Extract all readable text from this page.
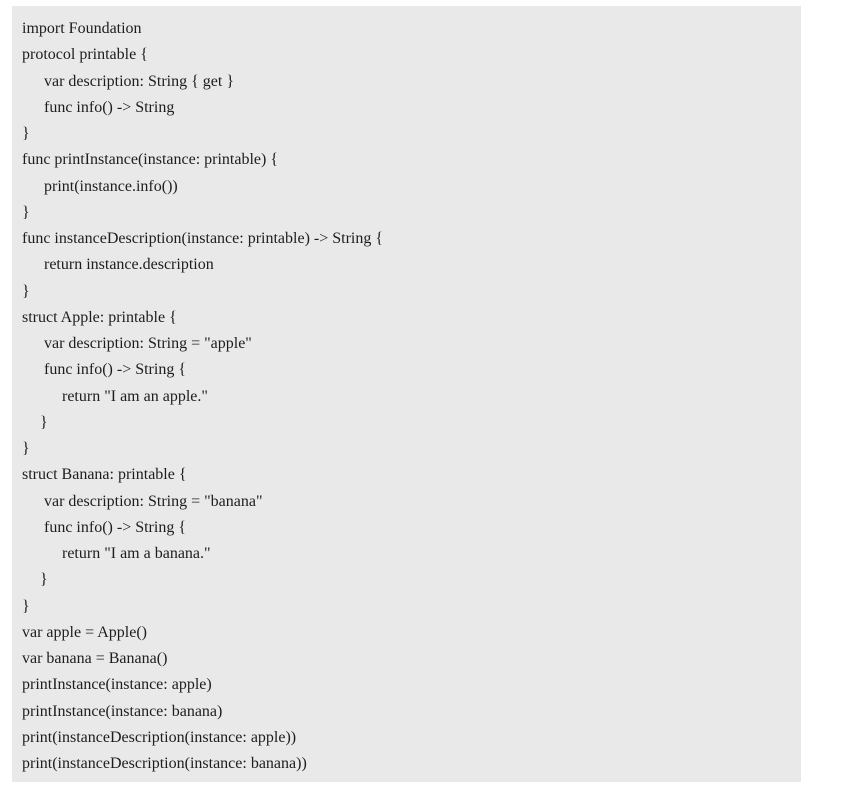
import Foundation
protocol printable {
var description: String { get }
func info() -> String
}
func printInstance(instance: printable) {
print(instance.info())
}
func instanceDescription(instance: printable) -> String {
return instance.description
}
struct Apple: printable {
var description: String = "apple"
func info() -> String {
return "I am an apple."
}
}
struct Banana: printable {
var description: String = "banana"
func info() -> String {
return "I am a banana."
}
}
var apple = Apple()
var banana = Banana()
printInstance(instance: apple)
printInstance(instance: banana)
print(instanceDescription(instance: apple))
print(instanceDescription(instance: banana))
